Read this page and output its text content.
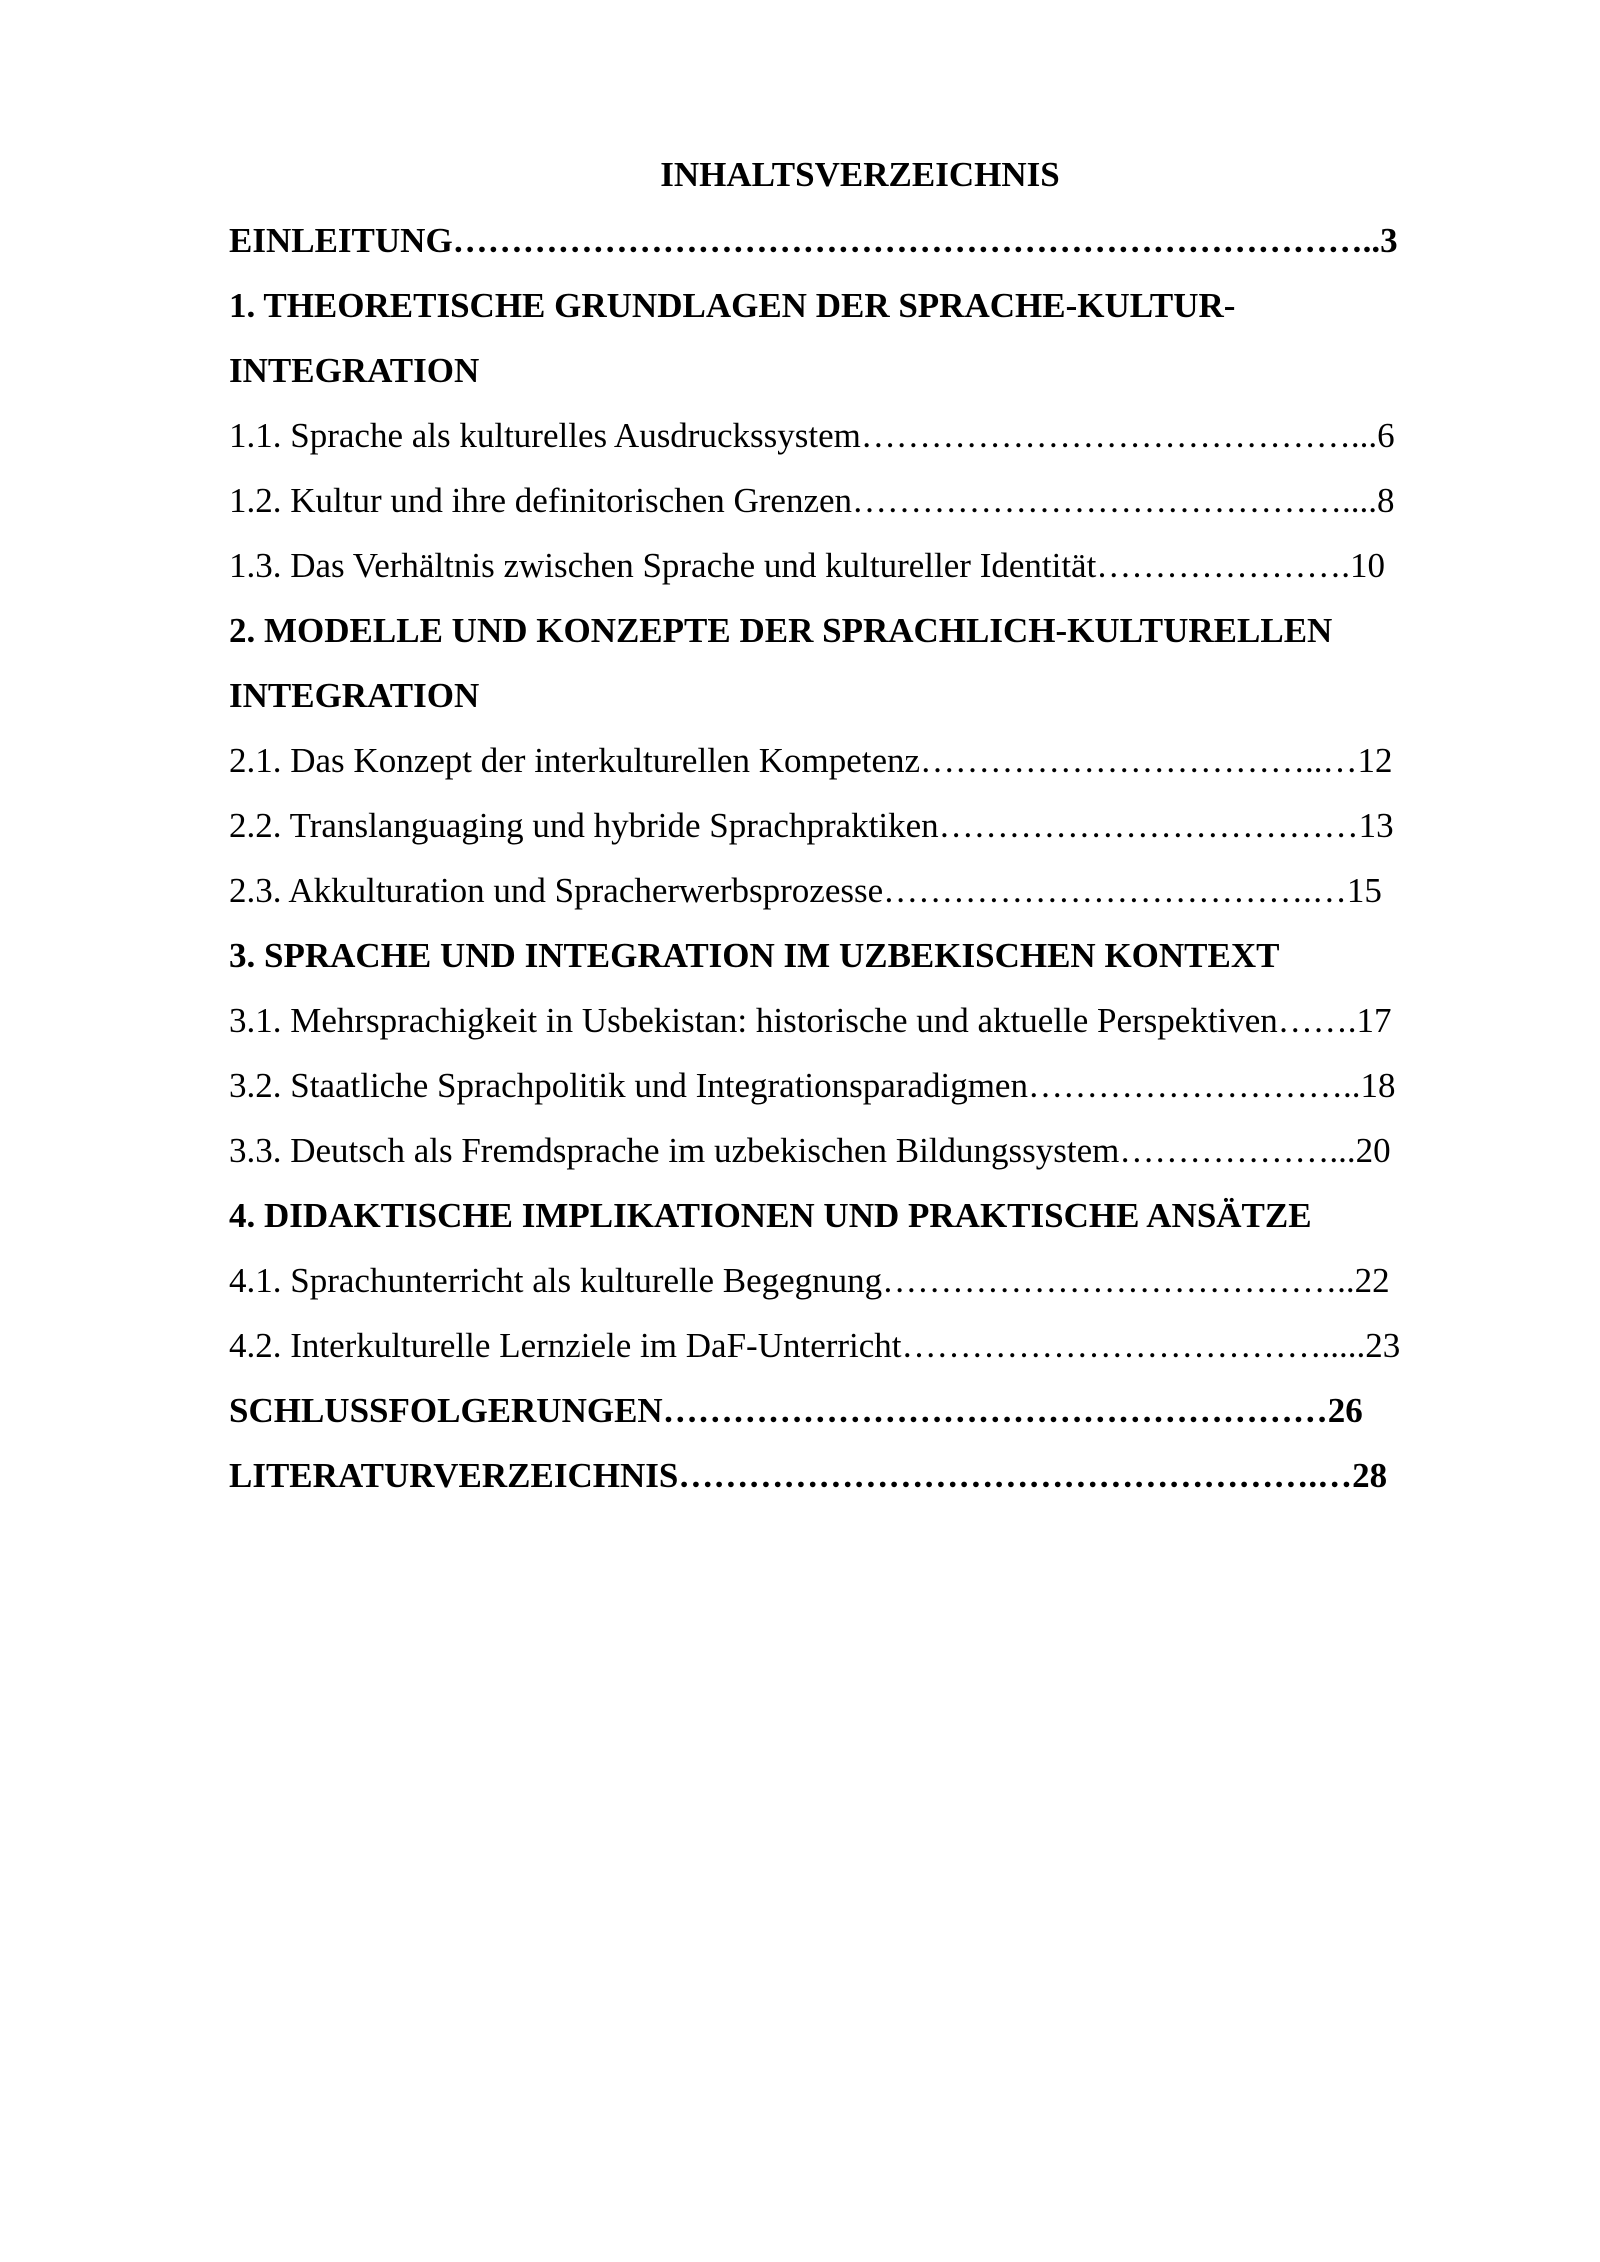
INHALTSVERZEICHNIS
EINLEITUNG……………………………………………………………………..3
1. THEORETISCHE GRUNDLAGEN DER SPRACHE-KULTUR-
INTEGRATION
1.1. Sprache als kulturelles Ausdruckssystem……………………………………...6
1.2. Kultur und ihre definitorischen Grenzen……………………………………....8
1.3. Das Verhältnis zwischen Sprache und kultureller Identität………………….10
2. MODELLE UND KONZEPTE DER SPRACHLICH-KULTURELLEN
INTEGRATION
2.1. Das Konzept der interkulturellen Kompetenz……………………………..…12
2.2. Translanguaging und hybride Sprachpraktiken………………………………13
2.3. Akkulturation und Spracherwerbsprozesse……………………………….…15
3. SPRACHE UND INTEGRATION IM UZBEKISCHEN KONTEXT
3.1. Mehrsprachigkeit in Usbekistan: historische und aktuelle Perspektiven…….17
3.2. Staatliche Sprachpolitik und Integrationsparadigmen………………………..18
3.3. Deutsch als Fremdsprache im uzbekischen Bildungssystem………………...20
4. DIDAKTISCHE IMPLIKATIONEN UND PRAKTISCHE ANSÄTZE
4.1. Sprachunterricht als kulturelle Begegnung…………………………………..22
4.2. Interkulturelle Lernziele im DaF-Unterricht……………………………….....23
SCHLUSSFOLGERUNGEN…………………………………………………26
LITERATURVERZEICHNIS……………………………………………….…28
